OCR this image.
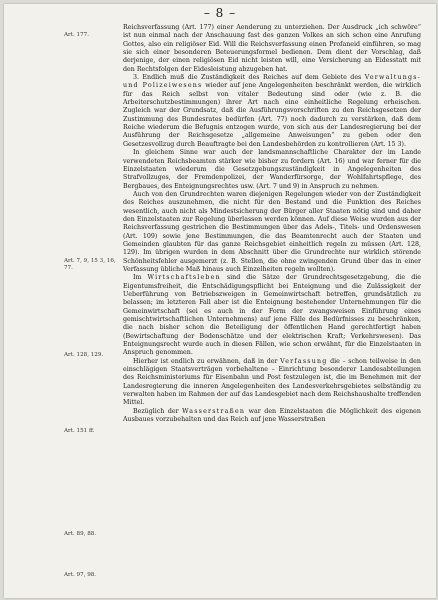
– 8 –
Art. 177.
Art. 7, 9, 15 3, 16, 77.
Art. 128, 129.
Art. 151 ff.
Art. 89, 88.
Art. 97, 98.

Reichsverfassung (Art. 177) einer Aenderung zu unterziehen. Der Ausdruck „ich schwöre“ ist nun einmal nach der Anschauung fast des ganzen Volkes an sich schon eine Anrufung Gottes, also ein religiöser Eid. Will die Reichsverfassung einen Profaneid einführen, so mag sie sich einer besonderen Beteuerungsformel bedienen. Dem dient der Vorschlag, daß derjenige, der einen religiösen Eid nicht leisten will, eine Versicherung an Eidesstatt mit den Rechtsfolgen der Eidesleistung abzugeben hat.

3. Endlich muß die Zuständigkeit des Reiches auf dem Gebiete des Verwaltungs- und Polizeiwesens wieder auf jene Angelegenheiten beschränkt werden, die wirklich für das Reich selbst von vitaler Bedeutung sind oder (wie z. B. die Arbeiterschutzbestimmungen) ihrer Art nach eine einheitliche Regelung erheischen. Zugleich war der Grundsatz, daß die Ausführungsvorschriften zu den Reichsgesetzen der Zustimmung des Bundesrates bedürfen (Art. 77) noch dadurch zu verstärken, daß dem Reiche wiederum die Befugnis entzogen wurde, von sich aus der Landesregierung bei der Ausführung der Reichsgesetze „allgemeine Anweisungen“ zu geben oder den Gesetzesvollzug durch Beauftragte bei den Landesbehörden zu kontrollieren (Art. 15 3).

In gleichem Sinne war auch der landsmannschaftliche Charakter der im Lande verwendeten Reichsbeamten stärker wie bisher zu fordern (Art. 16) und war ferner für die Einzelstaaten wiederum die Gesetzgebungszuständigkeit in Angelegenheiten des Strafvollzuges, der Fremdenpolizei, der Wanderfürsorge, der Wohlfahrtspflege, des Bergbaues, des Enteignungsrechtes usw. (Art. 7 und 9) in Anspruch zu nehmen.

Auch von den Grundrechten waren diejenigen Regelungen wieder von der Zuständigkeit des Reiches auszunehmen, die nicht für den Bestand und die Funktion des Reiches wesentlich, auch nicht als Mindestsicherung der Bürger aller Staaten nötig sind und daher den Einzelstaaten zur Regelung überlassen werden können. Auf diese Weise wurden aus der Reichsverfassung gestrichen die Bestimmungen über das Adels-, Titels- und Ordenswesen (Art. 109) sowie jene Bestimmungen, die das Beamtenrecht auch der Staaten und Gemeinden glaubten für das ganze Reichsgebiet einheitlich regeln zu müssen (Art. 128, 129). Im übrigen wurden in dem Abschnitt über die Grundrechte nur wirklich störende Schönheitsfehler ausgemerzt (z. B. Stellen, die ohne zwingenden Grund über das in einer Verfassung übliche Maß hinaus auch Einzelheiten regeln wollten).

Im Wirtschaftsleben sind die Sätze der Grundrechtsgesetzgebung, die die Eigentumsfreiheit, die Entschädigungspflicht bei Enteignung und die Zulässigkeit der Ueberführung von Betriebszweigen in Gemeinwirtschaft betreffen, grundsätzlich zu belassen; im letzteren Fall aber ist die Enteignung bestehender Unternehmungen für die Gemeinwirtschaft (sei es auch in der Form der zwangsweisen Einführung eines gemischtwirtschaftlichen Unternehmens) auf jene Fälle des Bedürfnisses zu beschränken, die nach bisher schon die Beteiligung der öffentlichen Hand gerechtfertigt haben (Bewirtschaftung der Bodenschätze und der elektrischen Kraft; Verkehrswesen). Das Enteignungsrecht wurde auch in diesen Fällen, wie schon erwähnt, für die Einzelstaaten in Anspruch genommen.

Hierher ist endlich zu erwähnen, daß in der Verfassung die – schon teilweise in den einschlägigen Staatsverträgen vorbehaltene – Einrichtung besonderer Landesabteilungen des Reichsministeriums für Eisenbahn und Post festzulegen ist, die im Benehmen mit der Landesregierung die inneren Angelegenheiten des Landesverkehrsgebietes selbständig zu verwalten haben im Rahmen der auf das Landesgebiet nach dem Reichshaushalte treffenden Mittel.

Bezüglich der Wasserstraßen war den Einzelstaaten die Möglichkeit des eigenen Ausbaues vorzubehalten und das Reich auf jene Wasserstraßen
